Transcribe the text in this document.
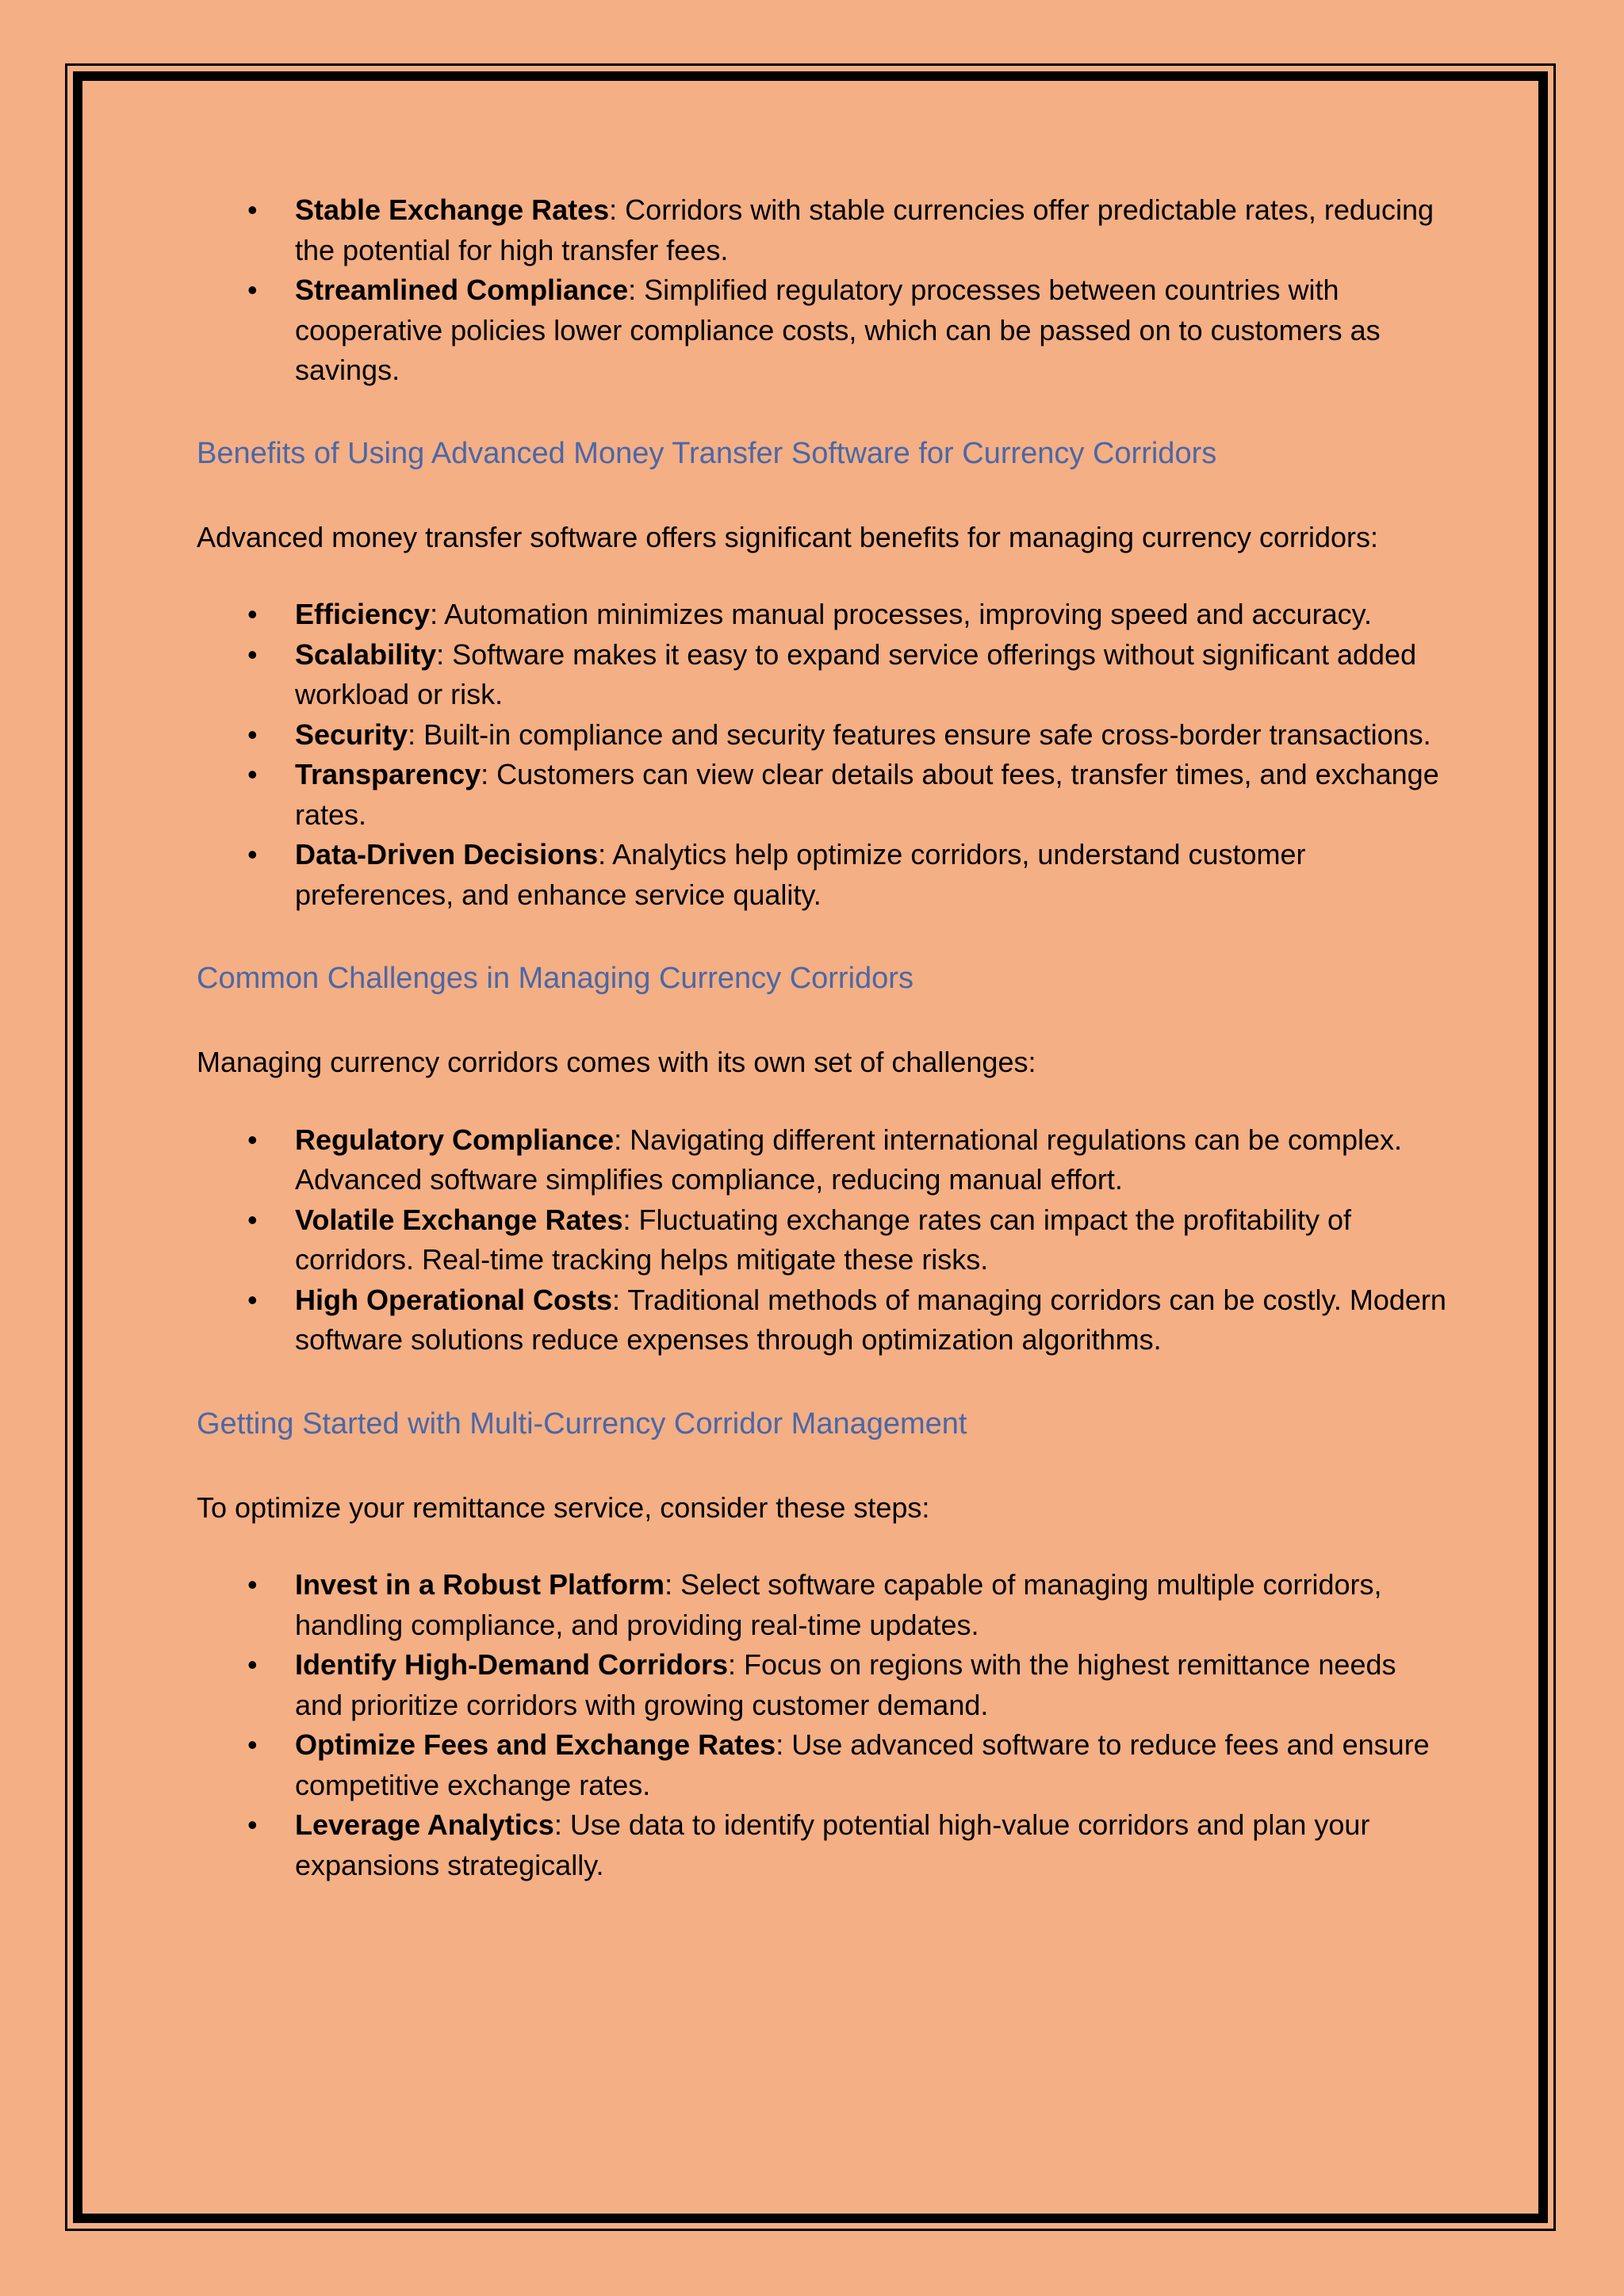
• Stable Exchange Rates: Corridors with stable currencies offer predictable rates, reducing the potential for high transfer fees.
• Streamlined Compliance: Simplified regulatory processes between countries with cooperative policies lower compliance costs, which can be passed on to customers as savings.
Benefits of Using Advanced Money Transfer Software for Currency Corridors

Advanced money transfer software offers significant benefits for managing currency corridors:

• Efficiency: Automation minimizes manual processes, improving speed and accuracy.
• Scalability: Software makes it easy to expand service offerings without significant added workload or risk.
• Security: Built-in compliance and security features ensure safe cross-border transactions.
• Transparency: Customers can view clear details about fees, transfer times, and exchange rates.
• Data-Driven Decisions: Analytics help optimize corridors, understand customer preferences, and enhance service quality.
Common Challenges in Managing Currency Corridors

Managing currency corridors comes with its own set of challenges:

• Regulatory Compliance: Navigating different international regulations can be complex. Advanced software simplifies compliance, reducing manual effort.
• Volatile Exchange Rates: Fluctuating exchange rates can impact the profitability of corridors. Real-time tracking helps mitigate these risks.
• High Operational Costs: Traditional methods of managing corridors can be costly. Modern software solutions reduce expenses through optimization algorithms.
Getting Started with Multi-Currency Corridor Management

To optimize your remittance service, consider these steps:

• Invest in a Robust Platform: Select software capable of managing multiple corridors, handling compliance, and providing real-time updates.
• Identify High-Demand Corridors: Focus on regions with the highest remittance needs and prioritize corridors with growing customer demand.
• Optimize Fees and Exchange Rates: Use advanced software to reduce fees and ensure competitive exchange rates.
• Leverage Analytics: Use data to identify potential high-value corridors and plan your expansions strategically.
